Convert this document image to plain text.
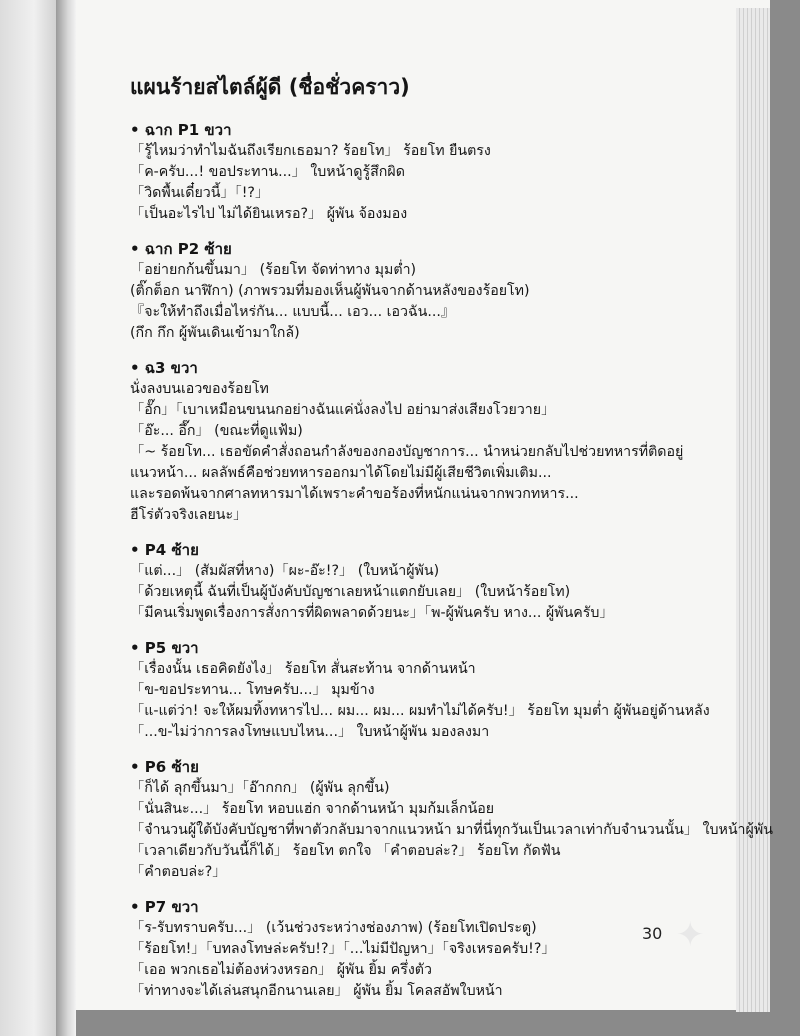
แผนร้ายสไตล์ผู้ดี (ชื่อชั่วคราว)
• ฉาก P1 ขวา
「รู้ไหมว่าทำไมฉันถึงเรียกเธอมา? ร้อยโท」 ร้อยโท ยืนตรง
「ค-ครับ...! ขอประทาน...」 ใบหน้าดูรู้สึกผิด
「วิดพื้นเดี๋ยวนี้」「!?」
「เป็นอะไรไป ไม่ได้ยินเหรอ?」 ผู้พัน จ้องมอง
• ฉาก P2 ซ้าย
「อย่ายกก้นขึ้นมา」 (ร้อยโท จัดท่าทาง มุมต่ำ)
(ติ๊กต็อก นาฬิกา) (ภาพรวมที่มองเห็นผู้พันจากด้านหลังของร้อยโท)
『จะให้ทำถึงเมื่อไหร่กัน... แบบนี้... เอว... เอวฉัน...』
(กึก กึก ผู้พันเดินเข้ามาใกล้)
• ฉ3 ขวา
นั่งลงบนเอวของร้อยโท
「อั๊ก」「เบาเหมือนขนนกอย่างฉันแค่นั่งลงไป อย่ามาส่งเสียงโวยวาย」
「อ๊ะ... อึ๊ก」 (ขณะที่ดูแฟ้ม)
「~ ร้อยโท... เธอขัดคำสั่งถอนกำลังของกองบัญชาการ... นำหน่วยกลับไปช่วยทหารที่ติดอยู่
แนวหน้า... ผลลัพธ์คือช่วยทหารออกมาได้โดยไม่มีผู้เสียชีวิตเพิ่มเติม...
และรอดพ้นจากศาลทหารมาได้เพราะคำขอร้องที่หนักแน่นจากพวกทหาร...
ฮีโร่ตัวจริงเลยนะ」
• P4 ซ้าย
「แต่...」 (สัมผัสที่หาง)「ผะ-อ๊ะ!?」 (ใบหน้าผู้พัน)
「ด้วยเหตุนี้ ฉันที่เป็นผู้บังคับบัญชาเลยหน้าแตกยับเลย」 (ใบหน้าร้อยโท)
「มีคนเริ่มพูดเรื่องการสั่งการที่ผิดพลาดด้วยนะ」「พ-ผู้พันครับ หาง... ผู้พันครับ」
• P5 ขวา
「เรื่องนั้น เธอคิดยังไง」 ร้อยโท สั่นสะท้าน จากด้านหน้า
「ข-ขอประทาน... โทษครับ...」 มุมข้าง
「แ-แต่ว่า! จะให้ผมทิ้งทหารไป... ผม... ผม... ผมทำไม่ได้ครับ!」 ร้อยโท มุมต่ำ ผู้พันอยู่ด้านหลัง
「...ข-ไม่ว่าการลงโทษแบบไหน...」 ใบหน้าผู้พัน มองลงมา
• P6 ซ้าย
「ก็ได้ ลุกขึ้นมา」「อ๊ากกก」 (ผู้พัน ลุกขึ้น)
「นั่นสินะ...」 ร้อยโท หอบแฮ่ก จากด้านหน้า มุมก้มเล็กน้อย
「จำนวนผู้ใต้บังคับบัญชาที่พาตัวกลับมาจากแนวหน้า มาที่นี่ทุกวันเป็นเวลาเท่ากับจำนวนนั้น」 ใบหน้าผู้พัน
「เวลาเดียวกับวันนี้ก็ได้」 ร้อยโท ตกใจ 「คำตอบล่ะ?」 ร้อยโท กัดฟัน
「คำตอบล่ะ?」
• P7 ขวา
「ร-รับทราบครับ...」 (เว้นช่วงระหว่างช่องภาพ) (ร้อยโทเปิดประตู)
「ร้อยโท!」「บทลงโทษล่ะครับ!?」「...ไม่มีปัญหา」「จริงเหรอครับ!?」
「เออ พวกเธอไม่ต้องห่วงหรอก」 ผู้พัน ยิ้ม ครึ่งตัว
「ท่าทางจะได้เล่นสนุกอีกนานเลย」 ผู้พัน ยิ้ม โคลสอัพใบหน้า
30 ✦
